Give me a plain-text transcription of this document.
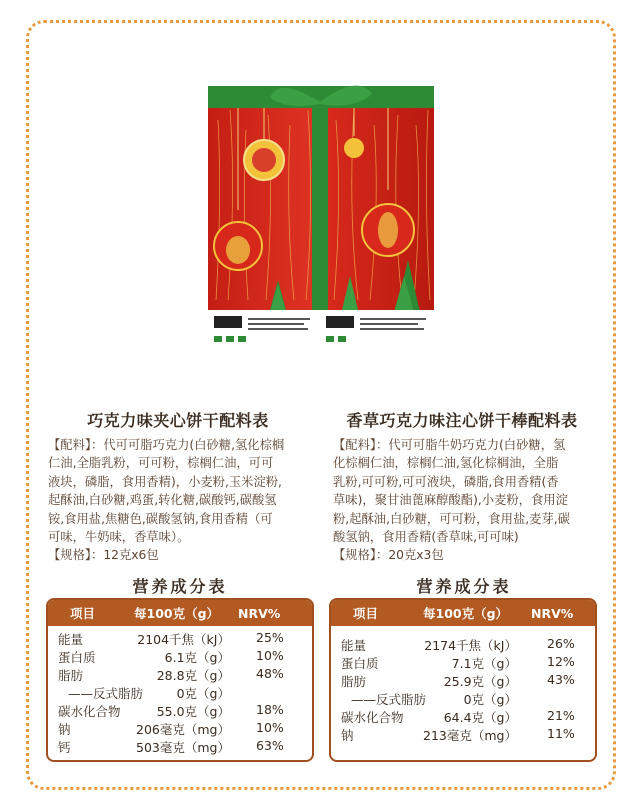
巧克力味夹心饼干配料表

【配料】：代可可脂巧克力(白砂糖,氢化棕榈

仁油,全脂乳粉，可可粉，棕榈仁油，可可

液块，磷脂，食用香精)，小麦粉,玉米淀粉,

起酥油,白砂糖,鸡蛋,转化糖,碳酸钙,碳酸氢

铵,食用盐,焦糖色,碳酸氢钠,食用香精（可

可味，牛奶味，香草味）。

【规格】：12克x6包

香草巧克力味注心饼干棒配料表

【配料】：代可可脂牛奶巧克力(白砂糖，氢

化棕榈仁油，棕榈仁油,氢化棕榈油，全脂

乳粉,可可粉,可可液块，磷脂,食用香精(香

草味)，聚甘油蓖麻醇酸酯),小麦粉，食用淀

粉,起酥油,白砂糖，可可粉，食用盐,麦芽,碳

酸氢钠，食用香精(香草味,可可味)

【规格】：20克x3包

营养成分表	营养成分表
项目	每100克（g） NRV%
能量	2104千焦（kJ） 25%
蛋白质	6.1克（g） 10%
脂肪	28.8克（g） 48%
——反式脂肪	0克（g）
碳水化合物	55.0克（g） 18%
钠	206毫克（mg） 10%
钙	503毫克（mg） 63%
项目	每100克（g） NRV%
能量	2174千焦（kJ） 26%
蛋白质	7.1克（g） 12%
脂肪	25.9克（g） 43%
——反式脂肪	0克（g）
碳水化合物	64.4克（g） 21%
钠	213毫克（mg） 11%
